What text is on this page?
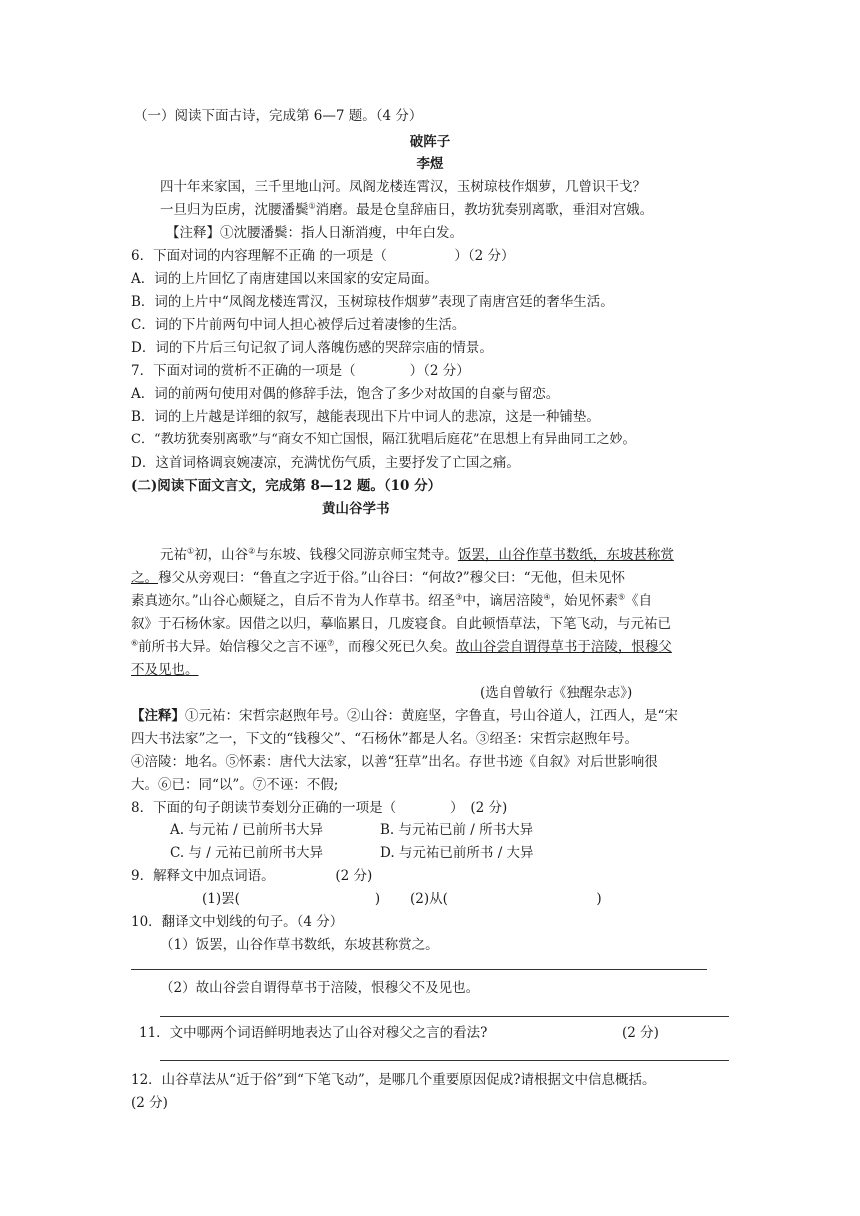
（一）阅读下面古诗，完成第 6—7 题。（4 分）
破阵子
李煜
四十年来家国，三千里地山河。凤阁龙楼连霄汉，玉树琼枝作烟萝，几曾识干戈？
一旦归为臣虏，沈腰潘鬓①消磨。最是仓皇辞庙日，教坊犹奏别离歌，垂泪对宫娥。
【注释】①沈腰潘鬓：指人日渐消瘦，中年白发。
6．下面对词的内容理解不正确 的一项是（　　　　　）（2 分）
A．词的上片回忆了南唐建国以来国家的安定局面。
B．词的上片中“凤阁龙楼连霄汉，玉树琼枝作烟萝”表现了南唐宫廷的奢华生活。
C．词的下片前两句中词人担心被俘后过着凄惨的生活。
D．词的下片后三句记叙了词人落魄伤感的哭辞宗庙的情景。
7．下面对词的赏析不正确的一项是（　　　　）（2 分）
A．词的前两句使用对偶的修辞手法，饱含了多少对故国的自豪与留恋。
B．词的上片越是详细的叙写，越能表现出下片中词人的悲凉，这是一种铺垫。
C．“教坊犹奏别离歌”与“商女不知亡国恨，隔江犹唱后庭花”在思想上有异曲同工之妙。
D．这首词格调哀婉凄凉，充满忧伤气质，主要抒发了亡国之痛。
(二)阅读下面文言文，完成第 8—12 题。（10 分）
黄山谷学书
元祐①初，山谷②与东坡、钱穆父同游京师宝梵寺。饭罢，山谷作草书数纸，东坡甚称赏
之。穆父从旁观曰：“鲁直之字近于俗。”山谷曰：“何故?”穆父曰：“无他，但未见怀
素真迹尔。”山谷心颇疑之，自后不肯为人作草书。绍圣③中，谪居涪陵④，始见怀素⑤《自
叙》于石杨休家。因借之以归，摹临累日，几废寝食。自此顿悟草法，下笔飞动，与元祐已
⑥前所书大异。始信穆父之言不诬⑦，而穆父死已久矣。故山谷尝自谓得草书于涪陵，恨穆父
不及见也。
(选自曾敏行《独醒杂志》)
【注释】①元祐：宋哲宗赵煦年号。②山谷：黄庭坚，字鲁直，号山谷道人，江西人，是“宋
四大书法家”之一，下文的“钱穆父”、“石杨休”都是人名。③绍圣：宋哲宗赵煦年号。
④涪陵：地名。⑤怀素：唐代大法家，以善“狂草”出名。存世书迹《自叙》对后世影响很
大。⑥已：同“以”。⑦不诬：不假;
8．下面的句子朗读节奏划分正确的一项是（　　　　）　(2 分)
A. 与元祐 / 已前所书大异	B. 与元祐已前 / 所书大异
C. 与 / 元祐已前所书大异	D. 与元祐已前所书 / 大异
9．解释文中加点词语。　　　　　(2 分)
(1)罢(　　　　　　　　　　) (2)从(　　　　　　　　　　　)
10．翻译文中划线的句子。（4 分）
（1）饭罢，山谷作草书数纸，东坡甚称赏之。
（2）故山谷尝自谓得草书于涪陵，恨穆父不及见也。
11．文中哪两个词语鲜明地表达了山谷对穆父之言的看法?	(2 分)
12．山谷草法从“近于俗”到“下笔飞动”，是哪几个重要原因促成?请根据文中信息概括。
(2 分)
